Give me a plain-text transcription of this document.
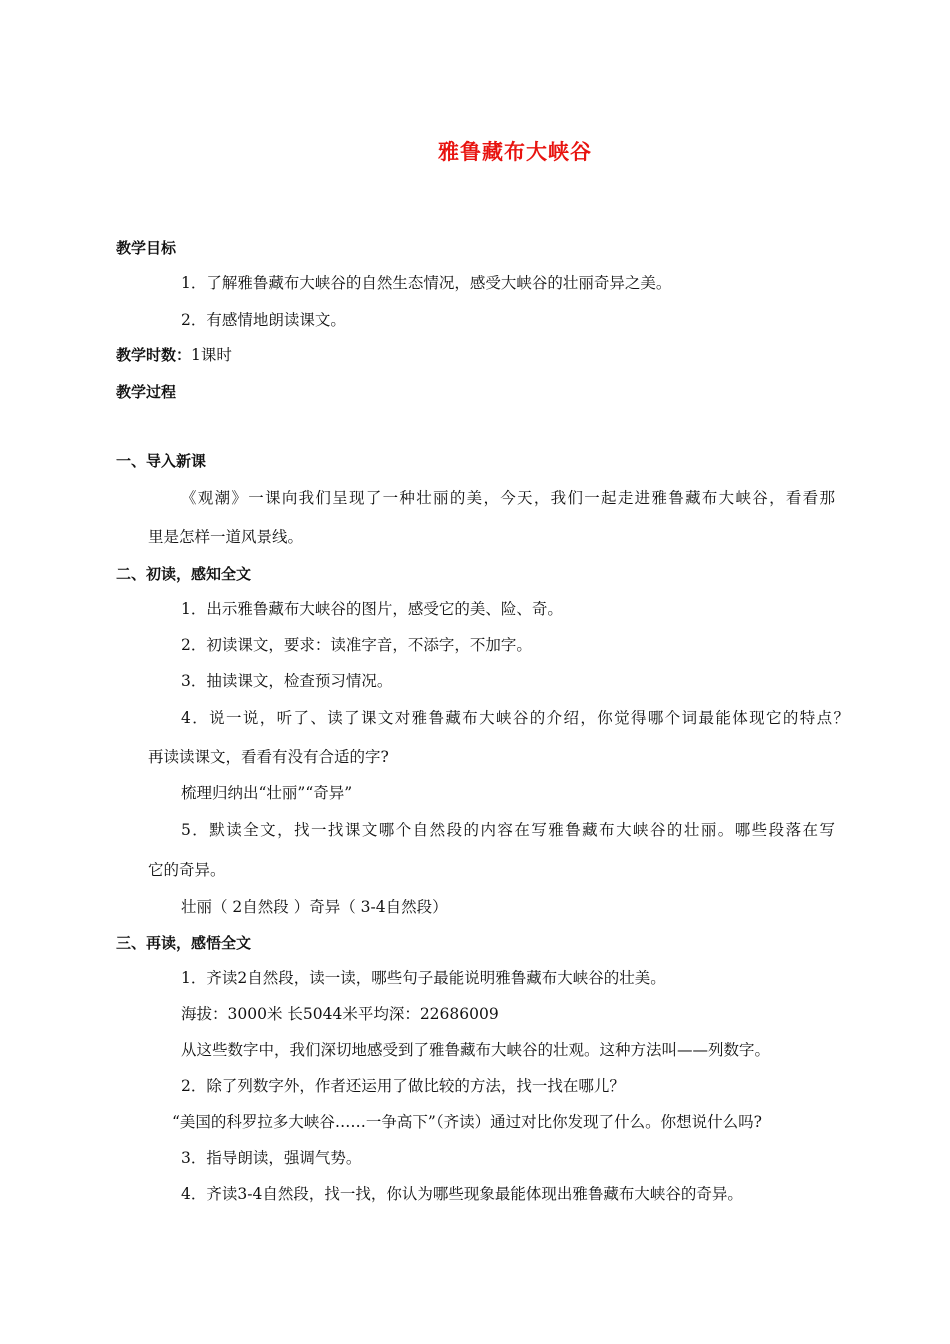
雅鲁藏布大峡谷
教学目标
1．了解雅鲁藏布大峡谷的自然生态情况，感受大峡谷的壮丽奇异之美。
2．有感情地朗读课文。
教学时数：1课时
教学过程
一、导入新课
《观潮》一课向我们呈现了一种壮丽的美，今天，我们一起走进雅鲁藏布大峡谷，看看那
里是怎样一道风景线。
二、初读，感知全文
1．出示雅鲁藏布大峡谷的图片，感受它的美、险、奇。
2．初读课文，要求：读准字音，不添字，不加字。
3．抽读课文，检查预习情况。
4．说一说，听了、读了课文对雅鲁藏布大峡谷的介绍，你觉得哪个词最能体现它的特点？
再读读课文，看看有没有合适的字?
梳理归纳出“壮丽”“奇异”
5．默读全文，找一找课文哪个自然段的内容在写雅鲁藏布大峡谷的壮丽。哪些段落在写
它的奇异。
壮丽（ 2自然段 ）奇异（ 3-4自然段）
三、再读，感悟全文
1．齐读2自然段，读一读，哪些句子最能说明雅鲁藏布大峡谷的壮美。
海拔：3000米 长5044米平均深：22686009
从这些数字中，我们深切地感受到了雅鲁藏布大峡谷的壮观。这种方法叫——列数字。
2．除了列数字外，作者还运用了做比较的方法，找一找在哪儿？
“美国的科罗拉多大峡谷……一争高下”（齐读）通过对比你发现了什么。你想说什么吗?
3．指导朗读，强调气势。
4．齐读3-4自然段，找一找，你认为哪些现象最能体现出雅鲁藏布大峡谷的奇异。
